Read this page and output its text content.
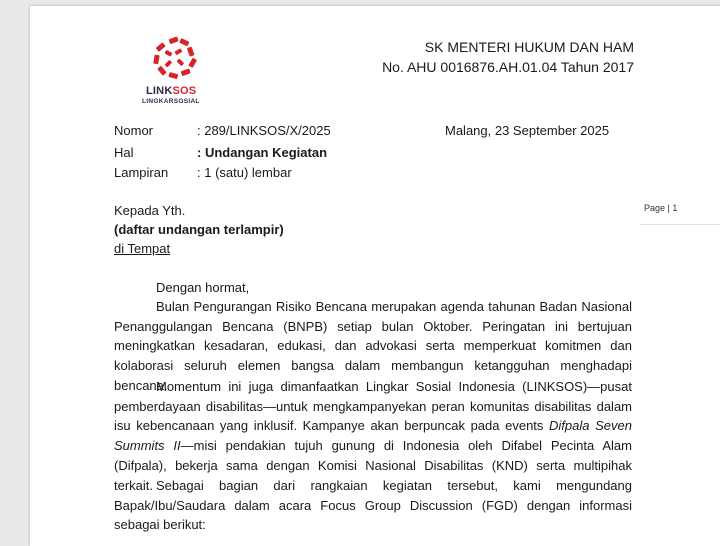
LINKSOS
LINGKARSOSIAL
SK MENTERI HUKUM DAN HAM
No. AHU 0016876.AH.01.04 Tahun 2017
Nomor	: 289/LINKSOS/X/2025	Malang, 23 September 2025
Hal	: Undangan Kegiatan
Lampiran : 1 (satu) lembar
Kepada Yth.
(daftar undangan terlampir)
di Tempat
Page | 1
Dengan hormat,
Bulan Pengurangan Risiko Bencana merupakan agenda tahunan Badan Nasional Penanggulangan Bencana (BNPB) setiap bulan Oktober. Peringatan ini bertujuan meningkatkan kesadaran, edukasi, dan advokasi serta memperkuat komitmen dan kolaborasi seluruh elemen bangsa dalam membangun ketangguhan menghadapi bencana.
Momentum ini juga dimanfaatkan Lingkar Sosial Indonesia (LINKSOS)—pusat pemberdayaan disabilitas—untuk mengkampanyekan peran komunitas disabilitas dalam isu kebencanaan yang inklusif. Kampanye akan berpuncak pada events Difpala Seven Summits II—misi pendakian tujuh gunung di Indonesia oleh Difabel Pecinta Alam (Difpala), bekerja sama dengan Komisi Nasional Disabilitas (KND) serta multipihak terkait. Sebagai bagian dari rangkaian kegiatan tersebut, kami mengundang Bapak/Ibu/Saudara dalam acara Focus Group Discussion (FGD) dengan informasi sebagai berikut:
